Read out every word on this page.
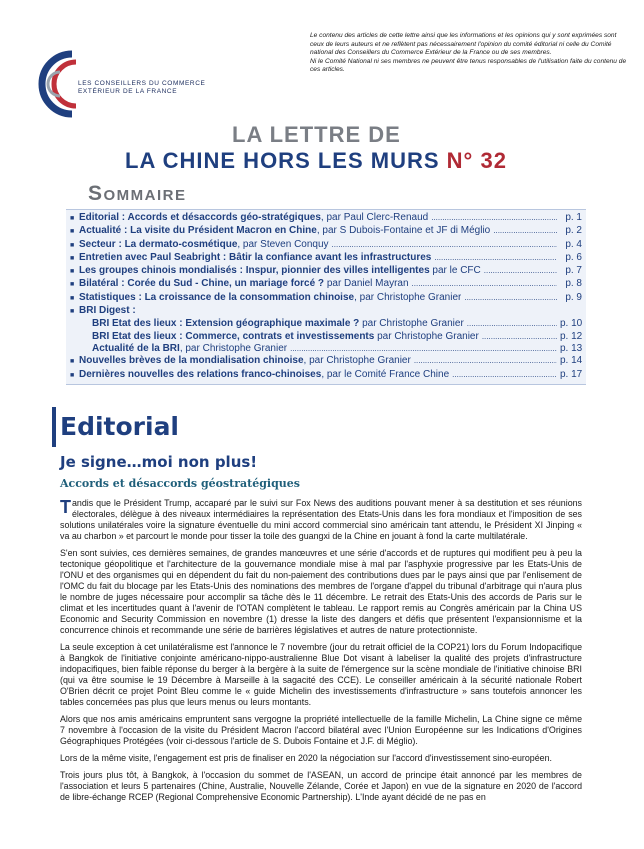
LES CONSEILLERS DU COMMERCE
EXTÉRIEUR DE LA FRANCE

Le contenu des articles de cette lettre ainsi que les informations et les opinions qui y sont exprimées sont ceux de leurs auteurs et ne reflètent pas nécessairement l'opinion du comité éditorial ni celle du Comité national des Conseillers du Commerce Extérieur de la France ou de ses membres.

Ni le Comité National ni ses membres ne peuvent être tenus responsables de l'utilisation faite du contenu de ces articles.

LA LETTRE DE
LA CHINE HORS LES MURS N° 32
Sommaire
■ Editorial : Accords et désaccords géo-stratégiques, par Paul Clerc-Renaud .....	p. 1
■ Actualité : La visite du Président Macron en Chine, par S Dubois-Fontaine et JF di Méglio .....	p. 2
■ Secteur : La dermato-cosmétique, par Steven Conquy .....	p. 4
■ Entretien avec Paul Seabright : Bâtir la confiance avant les infrastructures .....	p. 6
■ Les groupes chinois mondialisés : Inspur, pionnier des villes intelligentes par le CFC .....	p. 7
■ Bilatéral : Corée du Sud - Chine, un mariage forcé ? par Daniel Mayran .....	p. 8
■ Statistiques : La croissance de la consommation chinoise, par Christophe Granier .....	p. 9
■ BRI Digest :
BRI Etat des lieux : Extension géographique maximale ? par Christophe Granier .....	p. 10
BRI Etat des lieux : Commerce, contrats et investissements par Christophe Granier .....	p. 12
Actualité de la BRI, par Christophe Granier .....	p. 13
■ Nouvelles brèves de la mondialisation chinoise, par Christophe Granier .....	p. 14
■ Dernières nouvelles des relations franco-chinoises, par le Comité France Chine .....	p. 17
Editorial
Je signe…moi non plus!
Accords et désaccords géostratégiques

Tandis que le Président Trump, accaparé par le suivi sur Fox News des auditions pouvant mener à sa destitution et ses réunions électorales, délègue à des niveaux intermédiaires la représentation des Etats-Unis dans les fora mondiaux et l'imposition de ses solutions unilatérales voire la signature éventuelle du mini accord commercial sino américain tant attendu, le Président XI Jinping « va au charbon » et parcourt le monde pour tisser la toile des guangxi de la Chine en jouant à fond la carte multilatérale.

S'en sont suivies, ces dernières semaines, de grandes manœuvres et une série d'accords et de ruptures qui modifient peu à peu la tectonique géopolitique et l'architecture de la gouvernance mondiale mise à mal par l'asphyxie progressive par les Etats-Unis de l'ONU et des organismes qui en dépendent du fait du non-paiement des contributions dues par le pays ainsi que par l'enlisement de l'OMC du fait du blocage par les Etats-Unis des nominations des membres de l'organe d'appel du tribunal d'arbitrage qui n'aura plus le nombre de juges nécessaire pour accomplir sa tâche dès le 11 décembre. Le retrait des Etats-Unis des accords de Paris sur le climat et les incertitudes quant à l'avenir de l'OTAN complètent le tableau. Le rapport remis au Congrès américain par la China US Economic and Security Commission en novembre (1) dresse la liste des dangers et défis que présentent l'expansionnisme et la concurrence chinois et recommande une série de barrières législatives et autres de nature protectionniste.

La seule exception à cet unilatéralisme est l'annonce le 7 novembre (jour du retrait officiel de la COP21) lors du Forum Indopacifique à Bangkok de l'initiative conjointe américano-nippo-australienne Blue Dot visant à labeliser la qualité des projets d'infrastructure indopacifiques, bien faible réponse du berger à la bergère à la suite de l'émergence sur la scène mondiale de l'initiative chinoise BRI (qui va être soumise le 19 Décembre à Marseille à la sagacité des CCE). Le conseiller américain à la sécurité nationale Robert O'Brien décrit ce projet Point Bleu comme le « guide Michelin des investissements d'infrastructure » sans toutefois annoncer les tables concernées pas plus que leurs menus ou leurs montants.

Alors que nos amis américains empruntent sans vergogne la propriété intellectuelle de la famille Michelin, La Chine signe ce même 7 novembre à l'occasion de la visite du Président Macron l'accord bilatéral avec l'Union Européenne sur les Indications d'Origines Géographiques Protégées (voir ci-dessous l'article de S. Dubois Fontaine et J.F. di Méglio).

Lors de la même visite, l'engagement est pris de finaliser en 2020 la négociation sur l'accord d'investissement sino-européen.

Trois jours plus tôt, à Bangkok, à l'occasion du sommet de l'ASEAN, un accord de principe était annoncé par les membres de l'association et leurs 5 partenaires (Chine, Australie, Nouvelle Zélande, Corée et Japon) en vue de la signature en 2020 de l'accord de libre-échange RCEP (Regional Comprehensive Economic Partnership). L'Inde ayant décidé de ne pas en
